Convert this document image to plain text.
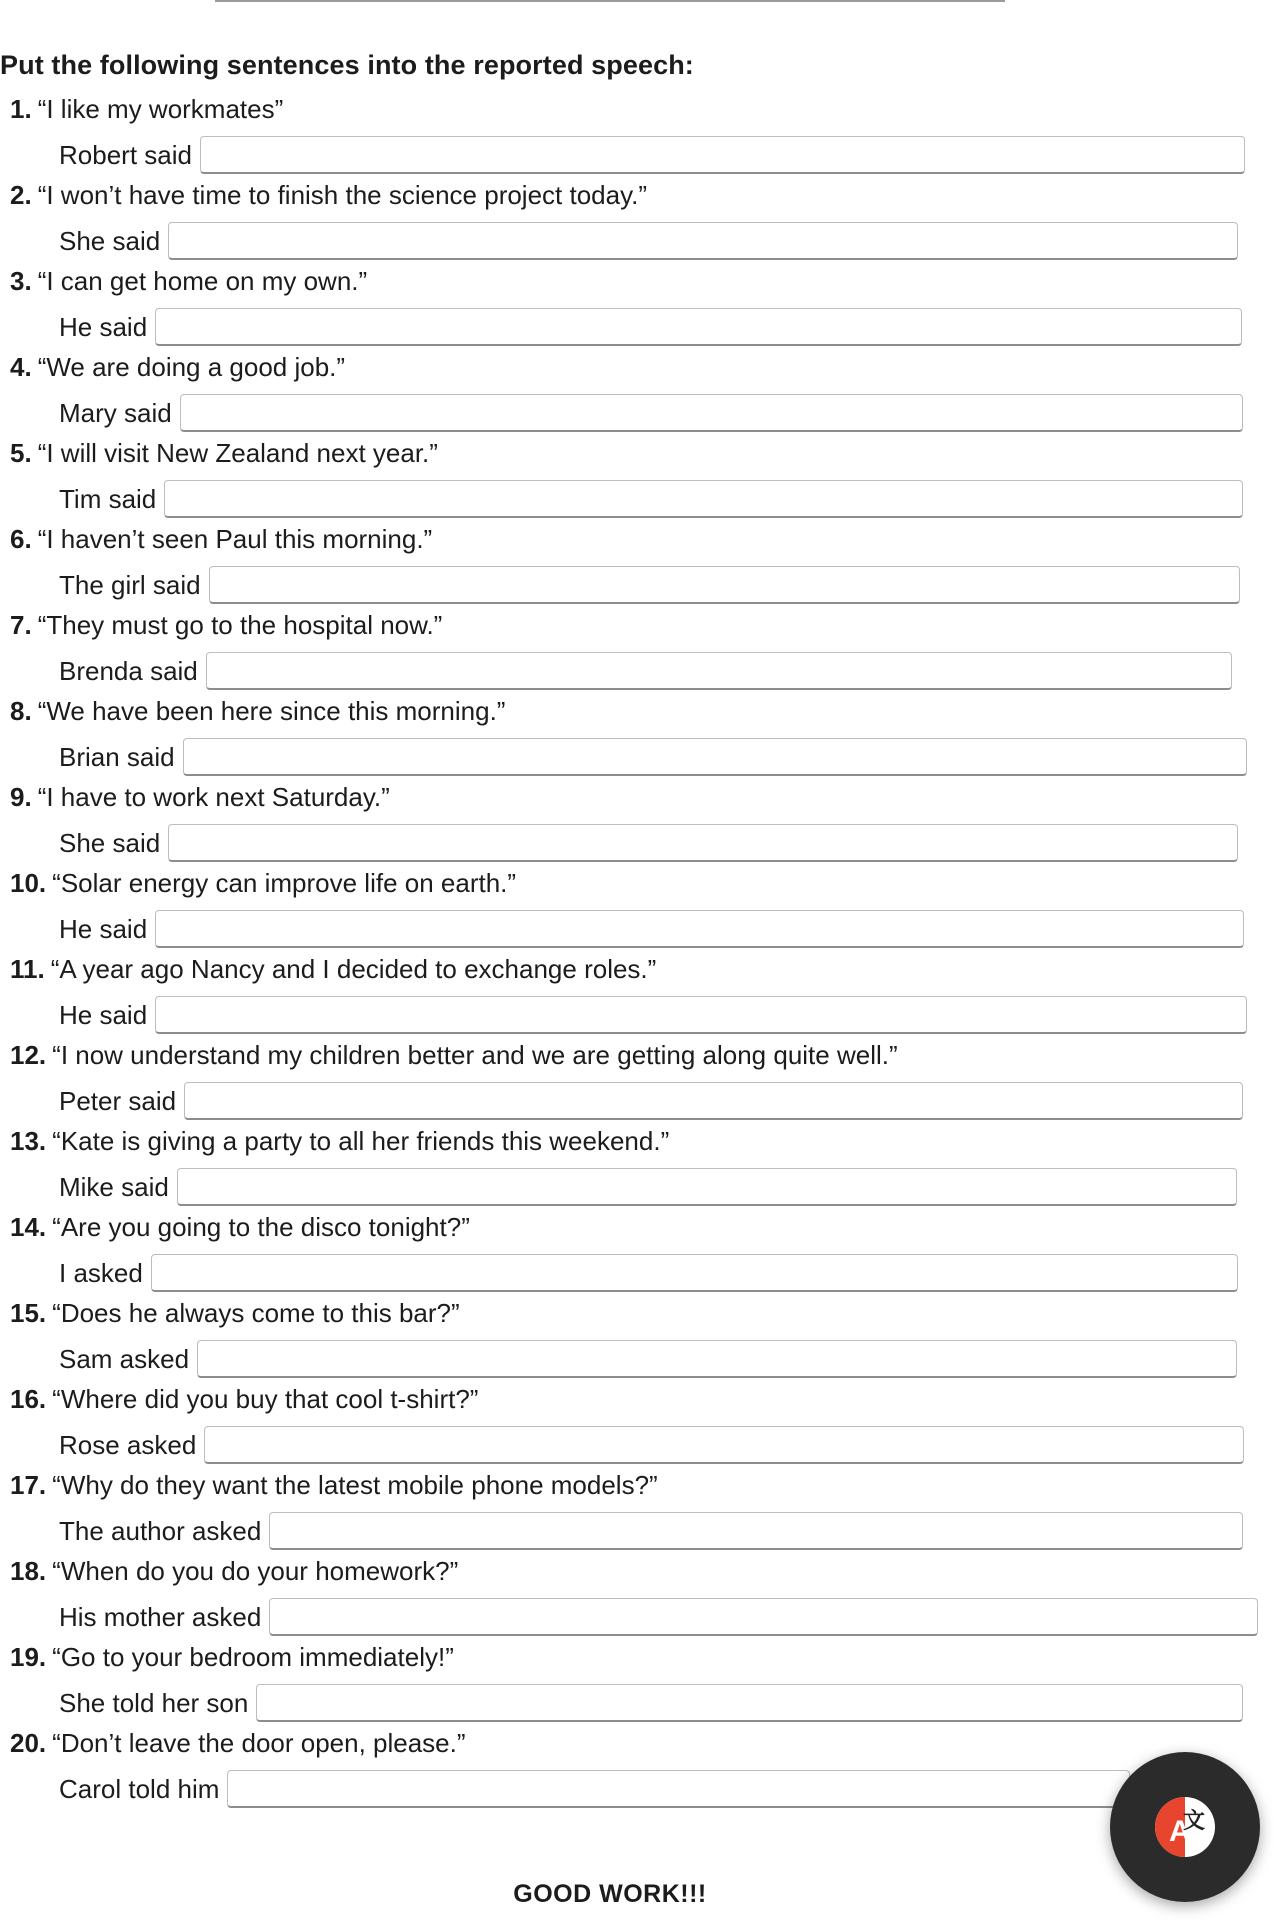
Put the following sentences into the reported speech:
1. “I like my workmates”
Robert said
2. “I won’t have time to finish the science project today.”
She said
3. “I can get home on my own.”
He said
4. “We are doing a good job.”
Mary said
5. “I will visit New Zealand next year.”
Tim said
6. “I haven’t seen Paul this morning.”
The girl said
7. “They must go to the hospital now.”
Brenda said
8. “We have been here since this morning.”
Brian said
9. “I have to work next Saturday.”
She said
10. “Solar energy can improve life on earth.”
He said
11. “A year ago Nancy and I decided to exchange roles.”
He said
12. “I now understand my children better and we are getting along quite well.”
Peter said
13. “Kate is giving a party to all her friends this weekend.”
Mike said
14. “Are you going to the disco tonight?”
I asked
15. “Does he always come to this bar?”
Sam asked
16. “Where did you buy that cool t-shirt?”
Rose asked
17. “Why do they want the latest mobile phone models?”
The author asked
18. “When do you do your homework?”
His mother asked
19. “Go to your bedroom immediately!”
She told her son
20. “Don’t leave the door open, please.”
Carol told him
GOOD WORK!!!
A
文
